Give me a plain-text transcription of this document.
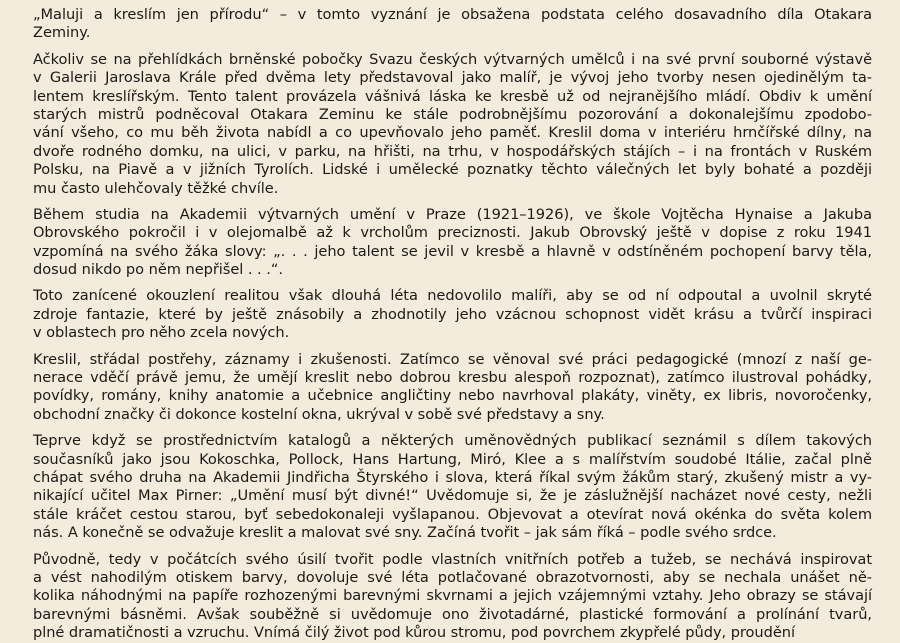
„Maluji a kreslím jen přírodu“ – v tomto vyznání je obsažena podstata celého dosavadního díla Otakara
Zeminy.
Ačkoliv se na přehlídkách brněnské pobočky Svazu českých výtvarných umělců i na své první souborné výstavě
v Galerii Jaroslava Krále před dvěma lety představoval jako malíř, je vývoj jeho tvorby nesen ojedinělým ta-
lentem kreslířským. Tento talent provázela vášnivá láska ke kresbě už od nejranějšího mládí. Obdiv k umění
starých mistrů podněcoval Otakara Zeminu ke stále podrobnějšímu pozorování a dokonalejšímu zpodobo-
vání všeho, co mu běh života nabídl a co upevňovalo jeho paměť. Kreslil doma v interiéru hrnčířské dílny, na
dvoře rodného domku, na ulici, v parku, na hřišti, na trhu, v hospodářských stájích – i na frontách v Ruském
Polsku, na Piavě a v jižních Tyrolích. Lidské i umělecké poznatky těchto válečných let byly bohaté a později
mu často ulehčovaly těžké chvíle.
Během studia na Akademii výtvarných umění v Praze (1921–1926), ve škole Vojtěcha Hynaise a Jakuba
Obrovského pokročil i v olejomalbě až k vrcholům preciznosti. Jakub Obrovský ještě v dopise z roku 1941
vzpomíná na svého žáka slovy: „. . . jeho talent se jevil v kresbě a hlavně v odstíněném pochopení barvy těla,
dosud nikdo po něm nepřišel . . .“.
Toto zanícené okouzlení realitou však dlouhá léta nedovolilo malíři, aby se od ní odpoutal a uvolnil skryté
zdroje fantazie, které by ještě znásobily a zhodnotily jeho vzácnou schopnost vidět krásu a tvůrčí inspiraci
v oblastech pro něho zcela nových.
Kreslil, střádal postřehy, záznamy i zkušenosti. Zatímco se věnoval své práci pedagogické (mnozí z naší ge-
nerace vděčí právě jemu, že umějí kreslit nebo dobrou kresbu alespoň rozpoznat), zatímco ilustroval pohádky,
povídky, romány, knihy anatomie a učebnice angličtiny nebo navrhoval plakáty, viněty, ex libris, novoročenky,
obchodní značky či dokonce kostelní okna, ukrýval v sobě své představy a sny.
Teprve když se prostřednictvím katalogů a některých uměnovědných publikací seznámil s dílem takových
současníků jako jsou Kokoschka, Pollock, Hans Hartung, Miró, Klee a s malířstvím soudobé Itálie, začal plně
chápat svého druha na Akademii Jindřicha Štyrského i slova, která říkal svým žákům starý, zkušený mistr a vy-
nikající učitel Max Pirner: „Umění musí být divné!“ Uvědomuje si, že je záslužnější nacházet nové cesty, nežli
stále kráčet cestou starou, byť sebedokonaleji vyšlapanou. Objevovat a otevírat nová okénka do světa kolem
nás. A konečně se odvažuje kreslit a malovat své sny. Začíná tvořit – jak sám říká – podle svého srdce.
Původně, tedy v počátcích svého úsilí tvořit podle vlastních vnitřních potřeb a tužeb, se nechává inspirovat
a vést nahodilým otiskem barvy, dovoluje své léta potlačované obrazotvornosti, aby se nechala unášet ně-
kolika náhodnými na papíře rozhozenými barevnými skvrnami a jejich vzájemnými vztahy. Jeho obrazy se stávají
barevnými básněmi. Avšak souběžně si uvědomuje ono životadárné, plastické formování a prolínání tvarů,
plné dramatičnosti a vzruchu. Vnímá čilý život pod kůrou stromu, pod povrchem zkypřelé půdy, proudění
